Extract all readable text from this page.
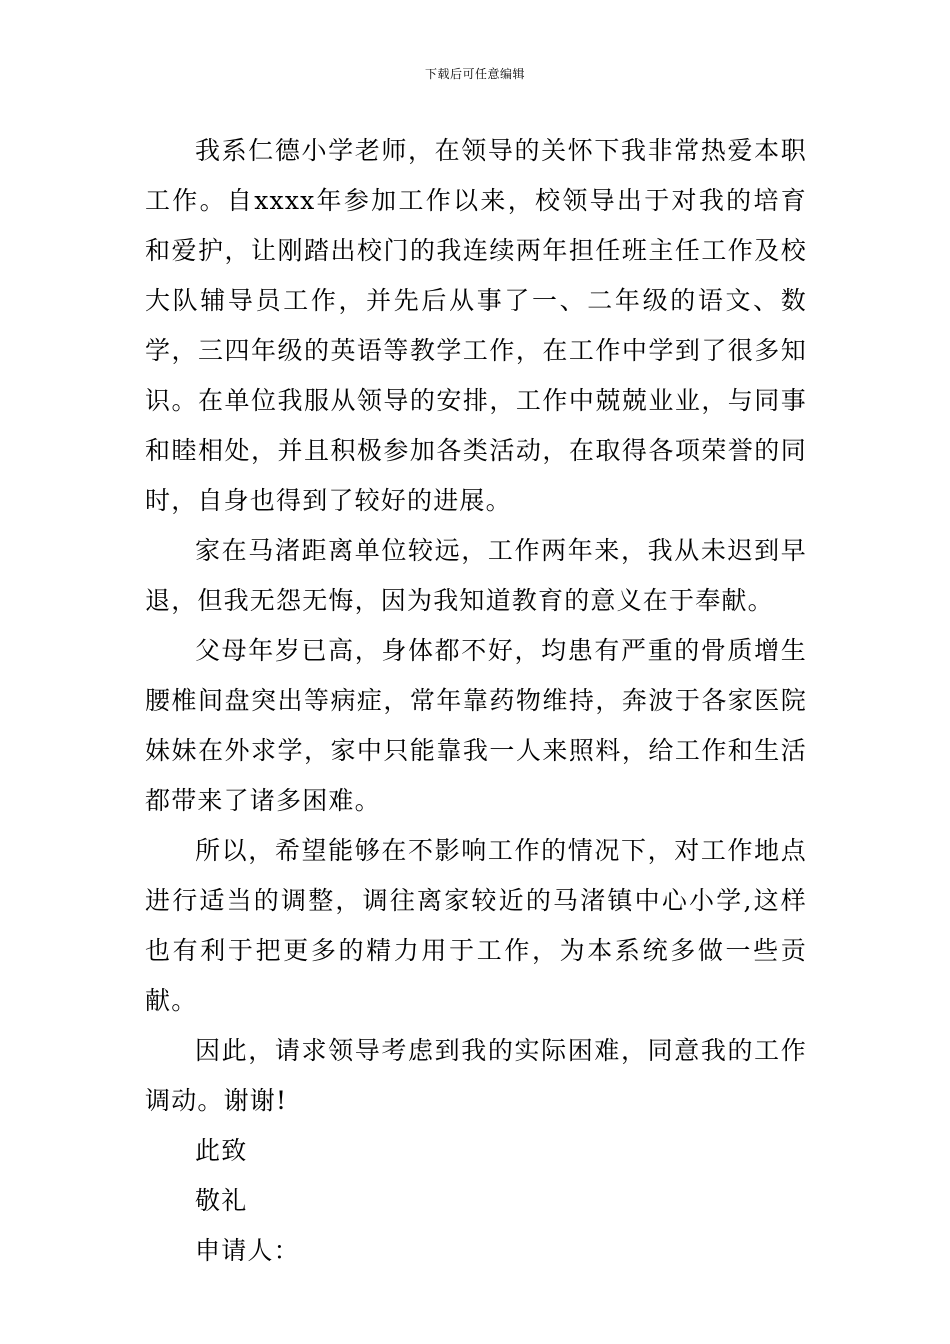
下载后可任意编辑

我系仁德小学老师，在领导的关怀下我非常热爱本职工作。自xxxx年参加工作以来，校领导出于对我的培育和爱护，让刚踏出校门的我连续两年担任班主任工作及校大队辅导员工作，并先后从事了一、二年级的语文、数学，三四年级的英语等教学工作，在工作中学到了很多知识。在单位我服从领导的安排，工作中兢兢业业，与同事和睦相处，并且积极参加各类活动，在取得各项荣誉的同时，自身也得到了较好的进展。

家在马渚距离单位较远，工作两年来，我从未迟到早退，但我无怨无悔，因为我知道教育的意义在于奉献。

父母年岁已高，身体都不好，均患有严重的骨质增生腰椎间盘突出等病症，常年靠药物维持，奔波于各家医院妹妹在外求学，家中只能靠我一人来照料，给工作和生活都带来了诸多困难。

所以，希望能够在不影响工作的情况下，对工作地点进行适当的调整，调往离家较近的马渚镇中心小学,这样也有利于把更多的精力用于工作，为本系统多做一些贡献。

因此，请求领导考虑到我的实际困难，同意我的工作调动。谢谢!

此致

敬礼

申请人：
